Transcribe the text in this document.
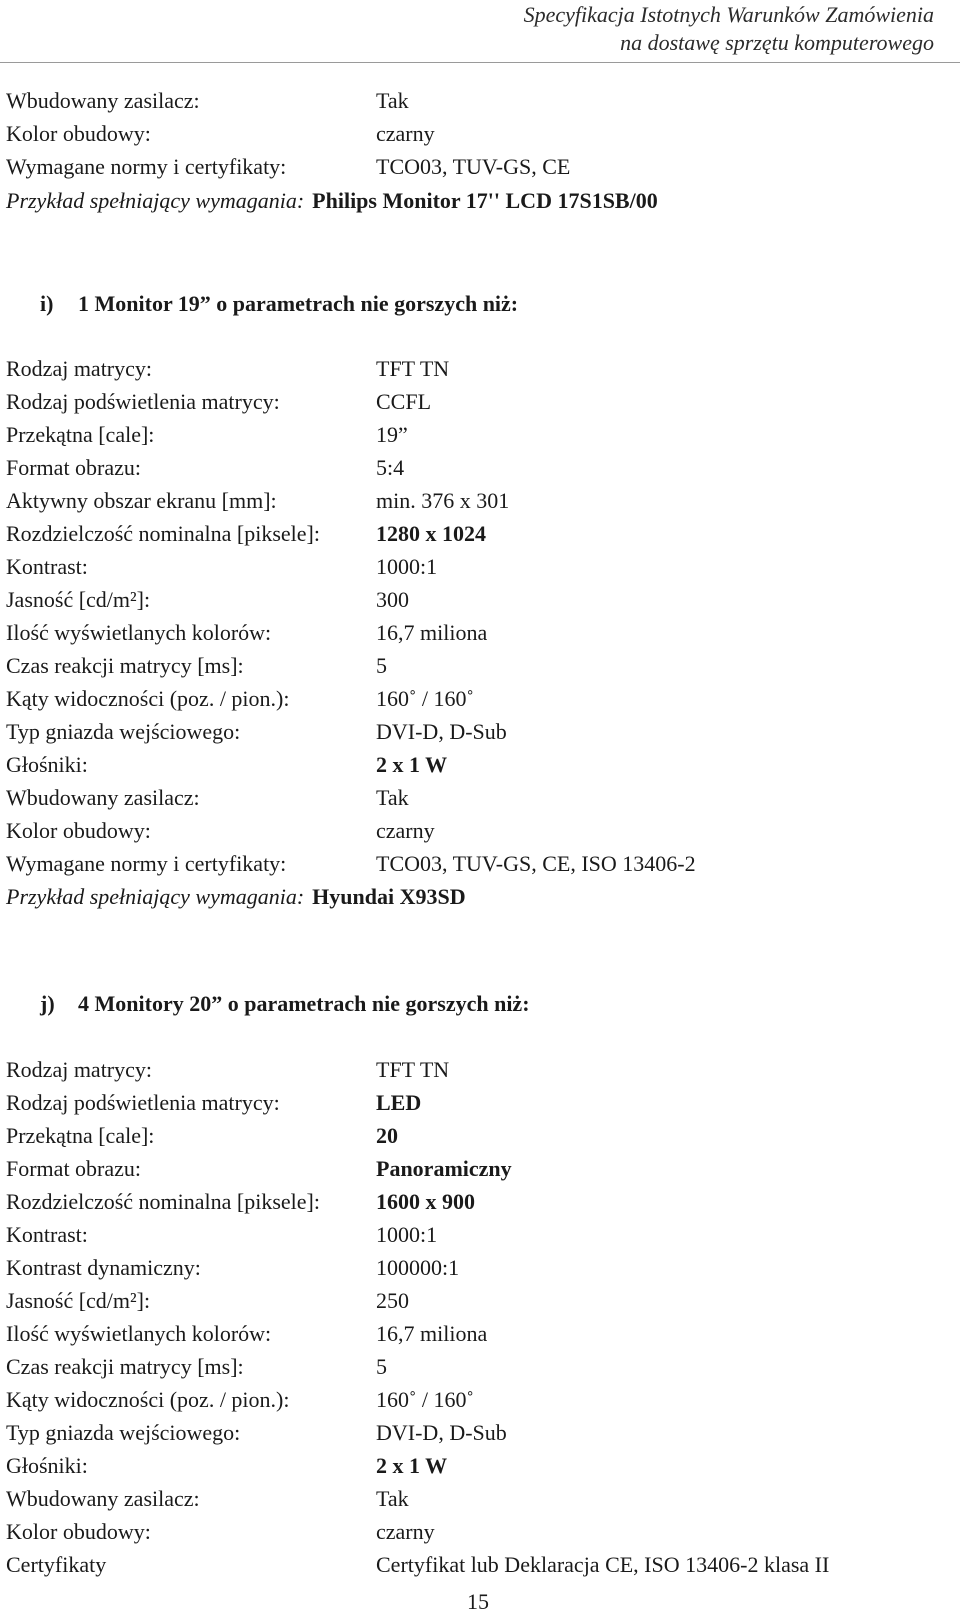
Specyfikacja Istotnych Warunków Zamówienia
na dostawę sprzętu komputerowego
Wbudowany zasilacz:	Tak
Kolor obudowy:	czarny
Wymagane normy i certyfikaty:	TCO03, TUV-GS, CE
Przykład spełniający wymagania: Philips Monitor 17'' LCD 17S1SB/00
i) 1 Monitor 19” o parametrach nie gorszych niż:
Rodzaj matrycy:	TFT TN
Rodzaj podświetlenia matrycy:	CCFL
Przekątna [cale]:	19”
Format obrazu:	5:4
Aktywny obszar ekranu [mm]:	min. 376 x 301
Rozdzielczość nominalna [piksele]:	1280 x 1024
Kontrast:	1000:1
Jasność [cd/m²]:	300
Ilość wyświetlanych kolorów:	16,7 miliona
Czas reakcji matrycy [ms]:	5
Kąty widoczności (poz. / pion.):	160˚ / 160˚
Typ gniazda wejściowego:	DVI-D, D-Sub
Głośniki:	2 x 1 W
Wbudowany zasilacz:	Tak
Kolor obudowy:	czarny
Wymagane normy i certyfikaty:	TCO03, TUV-GS, CE, ISO 13406-2
Przykład spełniający wymagania: Hyundai X93SD
j) 4 Monitory 20” o parametrach nie gorszych niż:
Rodzaj matrycy:	TFT TN
Rodzaj podświetlenia matrycy:	LED
Przekątna [cale]:	20
Format obrazu:	Panoramiczny
Rozdzielczość nominalna [piksele]:	1600 x 900
Kontrast:	1000:1
Kontrast dynamiczny:	100000:1
Jasność [cd/m²]:	250
Ilość wyświetlanych kolorów:	16,7 miliona
Czas reakcji matrycy [ms]:	5
Kąty widoczności (poz. / pion.):	160˚ / 160˚
Typ gniazda wejściowego:	DVI-D, D-Sub
Głośniki:	2 x 1 W
Wbudowany zasilacz:	Tak
Kolor obudowy:	czarny
Certyfikaty	Certyfikat lub Deklaracja CE, ISO 13406-2 klasa II
15
